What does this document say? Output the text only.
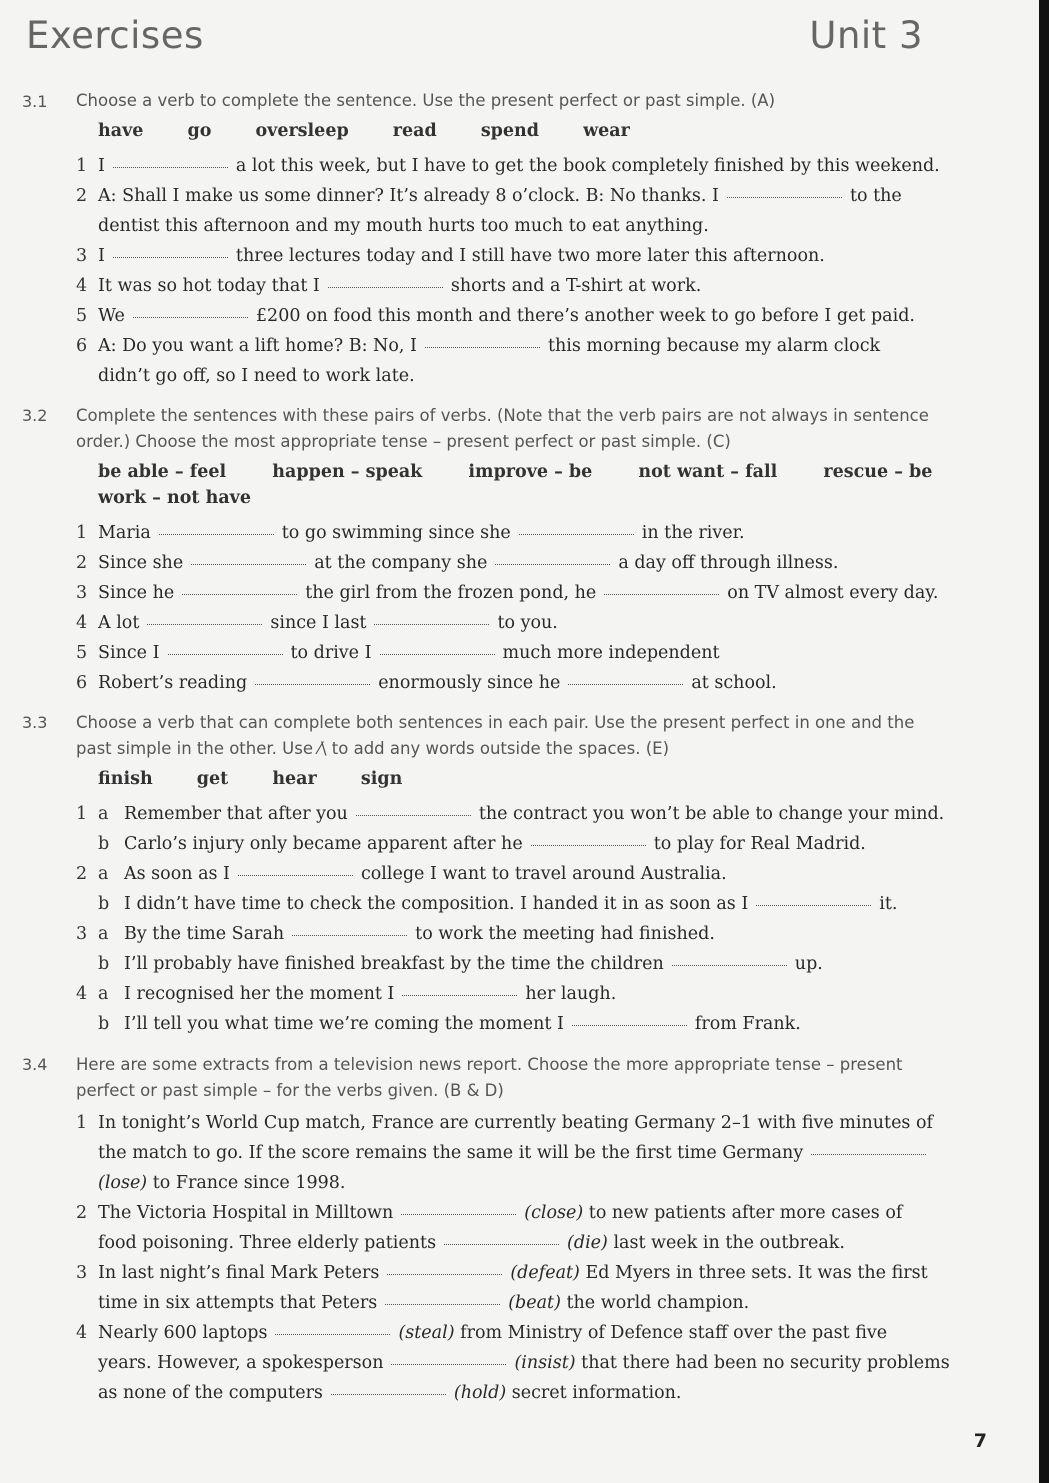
Exercises	Unit 3
3.1 Choose a verb to complete the sentence. Use the present perfect or past simple. (A)

have	go	oversleep	read	spend	wear
1 I	a lot this week, but I have to get the book completely finished by this weekend.
2 A: Shall I make us some dinner? It’s already 8 o’clock. B: No thanks. I	to the
dentist this afternoon and my mouth hurts too much to eat anything.
3 I	three lectures today and I still have two more later this afternoon.
4 It was so hot today that I	shorts and a T-shirt at work.
5 We	£200 on food this month and there’s another week to go before I get paid.
6 A: Do you want a lift home? B: No, I	this morning because my alarm clock
didn’t go off, so I need to work late.
3.2 Complete the sentences with these pairs of verbs. (Note that the verb pairs are not always in sentence order.) Choose the most appropriate tense – present perfect or past simple. (C)

be able – feel	happen – speak	improve – be	not want – fall	rescue – be
work – not have
1 Maria	to go swimming since she	in the river.
2 Since she	at the company she	a day off through illness.
3 Since he	the girl from the frozen pond, he	on TV almost every day.
4 A lot	since I last	to you.
5 Since I	to drive I	much more independent
6 Robert’s reading	enormously since he	at school.
3.3 Choose a verb that can complete both sentences in each pair. Use the present perfect in one and the past simple in the other. Use ⁄\ to add any words outside the spaces. (E)

finish	get	hear	sign
1 a Remember that after you	the contract you won’t be able to change your mind.
b Carlo’s injury only became apparent after he	to play for Real Madrid.
2 a As soon as I	college I want to travel around Australia.
b I didn’t have time to check the composition. I handed it in as soon as I	it.
3 a By the time Sarah	to work the meeting had finished.
b I’ll probably have finished breakfast by the time the children	up.
4 a I recognised her the moment I	her laugh.
b I’ll tell you what time we’re coming the moment I	from Frank.
3.4 Here are some extracts from a television news report. Choose the more appropriate tense – present perfect or past simple – for the verbs given. (B & D)

1 In tonight’s World Cup match, France are currently beating Germany 2–1 with five minutes of
the match to go. If the score remains the same it will be the first time Germany
(lose) to France since 1998.
2 The Victoria Hospital in Milltown	(close) to new patients after more cases of
food poisoning. Three elderly patients	(die) last week in the outbreak.
3 In last night’s final Mark Peters	(defeat) Ed Myers in three sets. It was the first
time in six attempts that Peters	(beat) the world champion.
4 Nearly 600 laptops	(steal) from Ministry of Defence staff over the past five
years. However, a spokesperson	(insist) that there had been no security problems
as none of the computers	(hold) secret information.
7
